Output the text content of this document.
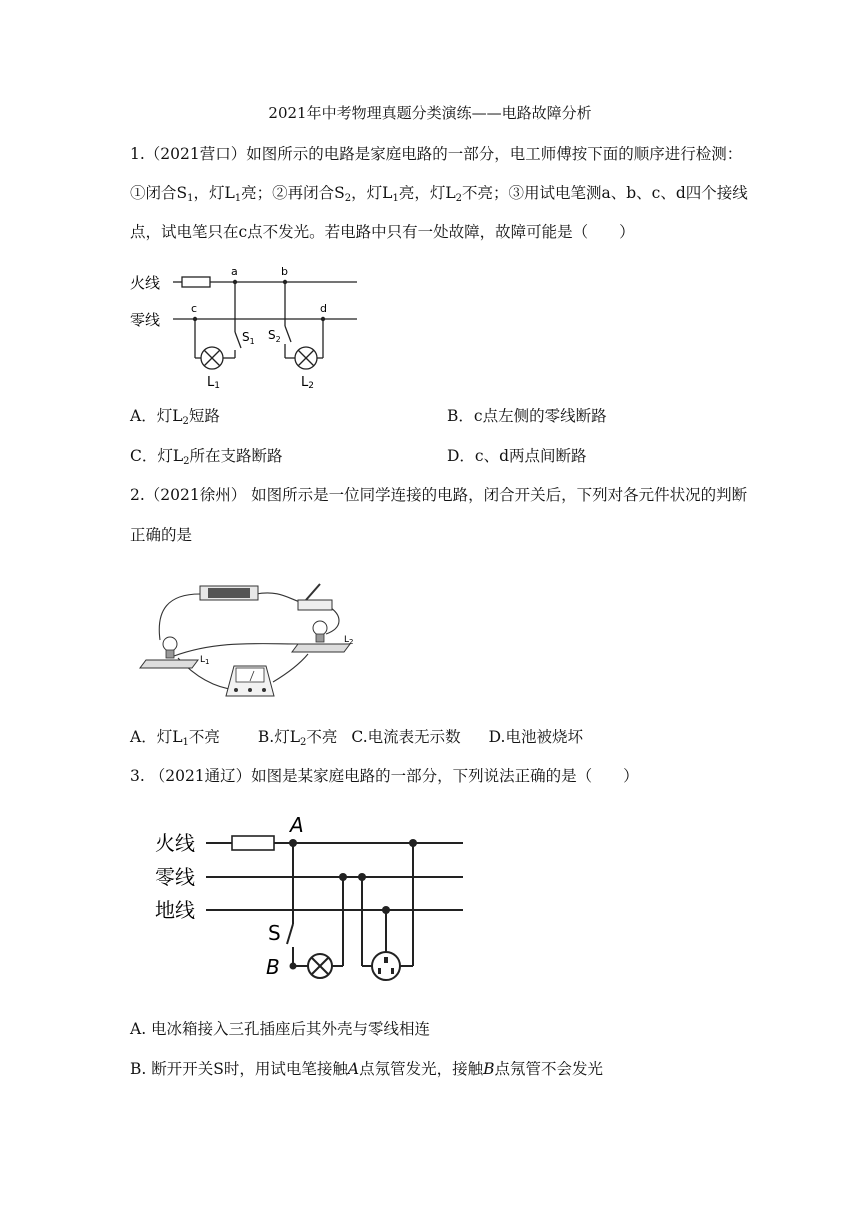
2021年中考物理真题分类演练——电路故障分析
1.（2021营口）如图所示的电路是家庭电路的一部分，电工师傅按下面的顺序进行检测：
①闭合$S_1$，灯$L_1$亮；②再闭合$S_2$，灯$L_1$亮，灯$L_2$不亮；③用试电笔测a、b、c、d四个接线
点，试电笔只在c点不发光。若电路中只有一处故障，故障可能是（　　）
火线
零线
a	b
c	d
$S_1$ $S_2$
L1	L2
A．灯$L_2$短路	B．c点左侧的零线断路
C．灯$L_2$所在支路断路	D．c、d两点间断路
2.（2021徐州） 如图所示是一位同学连接的电路，闭合开关后，下列对各元件状况的判断
正确的是
$L_1$
$L_2$
A．灯$L_1$不亮 B.灯$L_2$不亮 C.电流表无示数 D.电池被烧坏
3. （2021通辽）如图是某家庭电路的一部分，下列说法正确的是（　　）
火线
零线
地线
A
S
B
A. 电冰箱接入三孔插座后其外壳与零线相连
B. 断开开关S时，用试电笔接触A点氖管发光，接触B点氖管不会发光
